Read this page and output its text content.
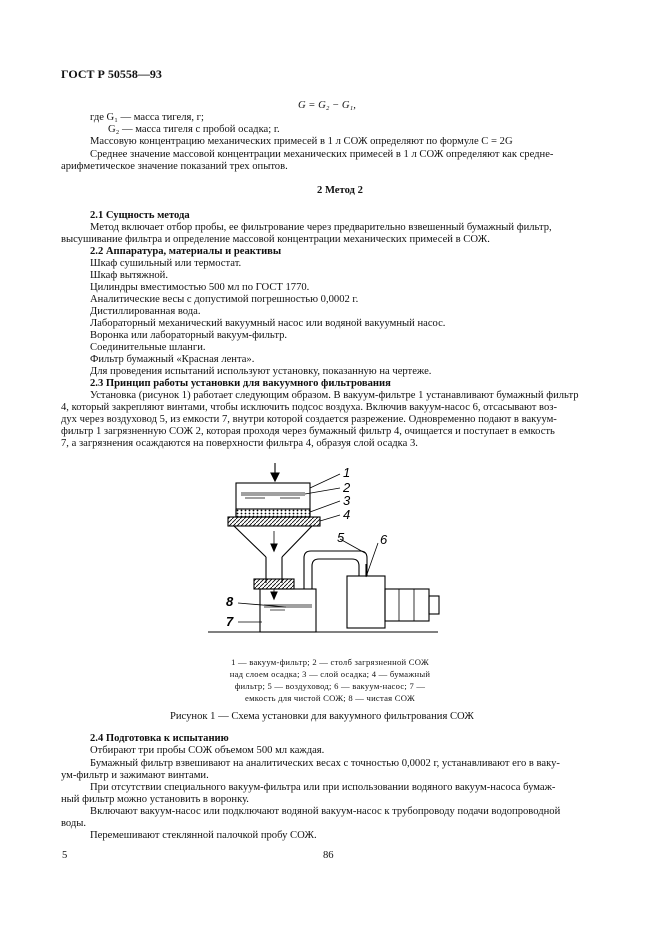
ГОСТ Р 50558—93
G = G₂ − G₁,
где G₁ — масса тигеля, г;
G₂ — масса тигеля с пробой осадка; г.
Массовую концентрацию механических примесей в 1 л СОЖ определяют по формуле C = 2G
Среднее значение массовой концентрации механических примесей в 1 л СОЖ определяют как средне-
арифметическое значение показаний трех опытов.
2 Метод 2
2.1 Сущность метода
Метод включает отбор пробы, ее фильтрование через предварительно взвешенный бумажный фильтр,
высушивание фильтра и определение массовой концентрации механических примесей в СОЖ.
2.2 Аппаратура, материалы и реактивы
Шкаф сушильный или термостат.
Шкаф вытяжной.
Цилиндры вместимостью 500 мл по ГОСТ 1770.
Аналитические весы с допустимой погрешностью 0,0002 г.
Дистиллированная вода.
Лабораторный механический вакуумный насос или водяной вакуумный насос.
Воронка или лабораторный вакуум-фильтр.
Соединительные шланги.
Фильтр бумажный «Красная лента».
Для проведения испытаний используют установку, показанную на чертеже.
2.3 Принцип работы установки для вакуумного фильтрования
Установка (рисунок 1) работает следующим образом. В вакуум-фильтре 1 устанавливают бумажный фильтр
4, который закрепляют винтами, чтобы исключить подсос воздуха. Включив вакуум-насос 6, отсасывают воз-
дух через воздуховод 5, из емкости 7, внутри которой создается разрежение. Одновременно подают в вакуум-
фильтр 1 загрязненную СОЖ 2, которая проходя через бумажный фильтр 4, очищается и поступает в емкость
7, а загрязнения осаждаются на поверхности фильтра 4, образуя слой осадка 3.
1
2
3
4
5	6
8
7
1 — вакуум-фильтр; 2 — столб загрязненной СОЖ
над слоем осадка; 3 — слой осадка; 4 — бумажный
фильтр; 5 — воздуховод; 6 — вакуум-насос; 7 —
емкость для чистой СОЖ; 8 — чистая СОЖ
Рисунок 1 — Схема установки для вакуумного фильтрования СОЖ
2.4 Подготовка к испытанию
Отбирают три пробы СОЖ объемом 500 мл каждая.
Бумажный фильтр взвешивают на аналитических весах с точностью 0,0002 г, устанавливают его в ваку-
ум-фильтр и зажимают винтами.
При отсутствии специального вакуум-фильтра или при использовании водяного вакуум-насоса бумаж-
ный фильтр можно установить в воронку.
Включают вакуум-насос или подключают водяной вакуум-насос к трубопроводу подачи водопроводной
воды.
Перемешивают стеклянной палочкой пробу СОЖ.
5	86
